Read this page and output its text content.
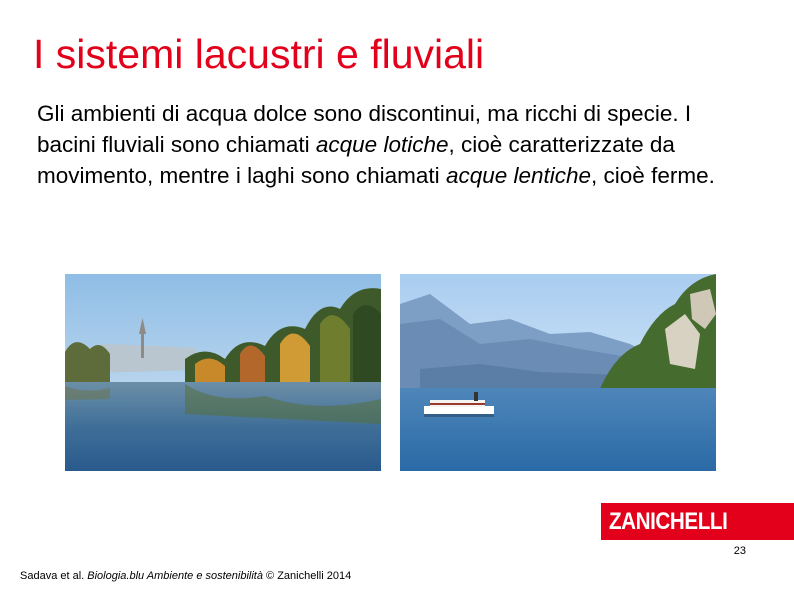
I sistemi lacustri e fluviali
Gli ambienti di acqua dolce sono discontinui, ma ricchi di specie. I bacini fluviali sono chiamati acque lotiche, cioè caratterizzate da movimento, mentre i laghi sono chiamati acque lentiche, cioè ferme.
ZANICHELLI
23
Sadava et al. Biologia.blu Ambiente e sostenibilità © Zanichelli 2014
